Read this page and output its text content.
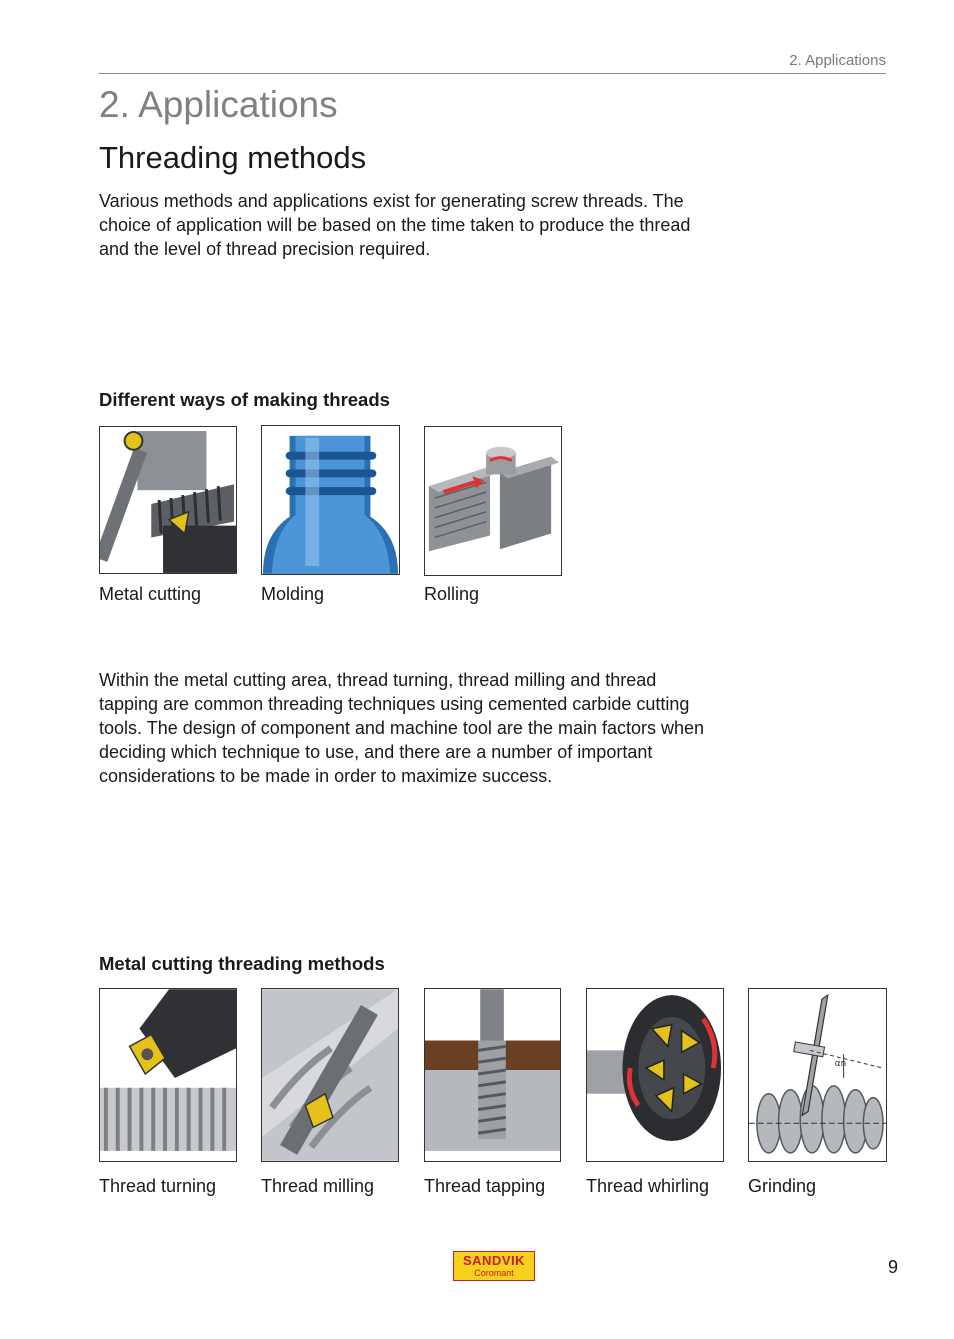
2. Applications
2. Applications
Threading methods

Various methods and applications exist for generating screw threads. The choice of application will be based on the time taken to produce the thread and the level of thread precision required.

Different ways of making threads
Metal cutting	Molding	Rolling

Within the metal cutting area, thread turning, thread milling and thread tapping are common threading techniques using cemented carbide cutting tools. The design of component and machine tool are the main factors when deciding which technique to use, and there are a number of important considerations to be made in order to maximize success.

Metal cutting threading methods
Thread turning Thread milling	Thread tapping Thread whirling
αn
Grinding
SANDVIK
Coromant	9
